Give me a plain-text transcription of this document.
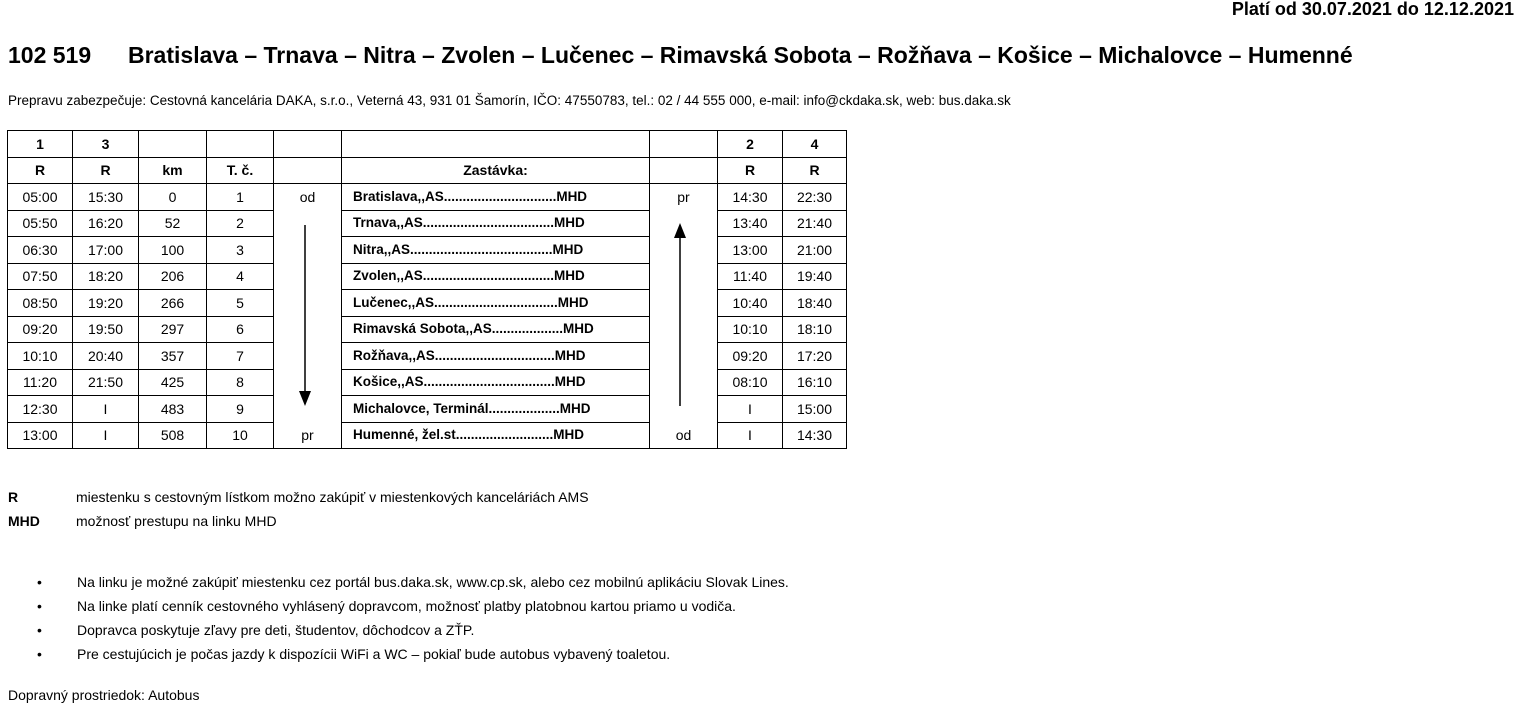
Platí od 30.07.2021 do 12.12.2021
102 519 Bratislava – Trnava – Nitra – Zvolen – Lučenec – Rimavská Sobota – Rožňava – Košice – Michalovce – Humenné
Prepravu zabezpečuje: Cestovná kancelária DAKA, s.r.o., Veterná 43, 931 01 Šamorín, IČO: 47550783, tel.: 02 / 44 555 000, e-mail: info@ckdaka.sk, web: bus.daka.sk
1	3						2	4
R	R	km	T. č.		Zastávka:		R	R
05:00	15:30	0	1	od	Bratislava,,AS..............................MHD	pr	14:30	22:30
05:50	16:20	52	2		Trnava,,AS...................................MHD		13:40	21:40
06:30	17:00	100	3		Nitra,,AS......................................MHD		13:00	21:00
07:50	18:20	206	4		Zvolen,,AS...................................MHD		11:40	19:40
08:50	19:20	266	5		Lučenec,,AS.................................MHD		10:40	18:40
09:20	19:50	297	6		Rimavská Sobota,,AS...................MHD		10:10	18:10
10:10	20:40	357	7		Rožňava,,AS................................MHD		09:20	17:20
11:20	21:50	425	8		Košice,,AS...................................MHD		08:10	16:10
12:30	I	483	9		Michalovce, Terminál...................MHD		I	15:00
13:00	I	508	10	pr	Humenné, žel.st..........................MHD	od	I	14:30
R	miestenku s cestovným lístkom možno zakúpiť v miestenkových kanceláriách AMS
MHD	možnosť prestupu na linku MHD
•	Na linku je možné zakúpiť miestenku cez portál bus.daka.sk, www.cp.sk, alebo cez mobilnú aplikáciu Slovak Lines.
•	Na linke platí cenník cestovného vyhlásený dopravcom, možnosť platby platobnou kartou priamo u vodiča.
•	Dopravca poskytuje zľavy pre deti, študentov, dôchodcov a ZŤP.
•	Pre cestujúcich je počas jazdy k dispozícii WiFi a WC – pokiaľ bude autobus vybavený toaletou.
Dopravný prostriedok: Autobus
